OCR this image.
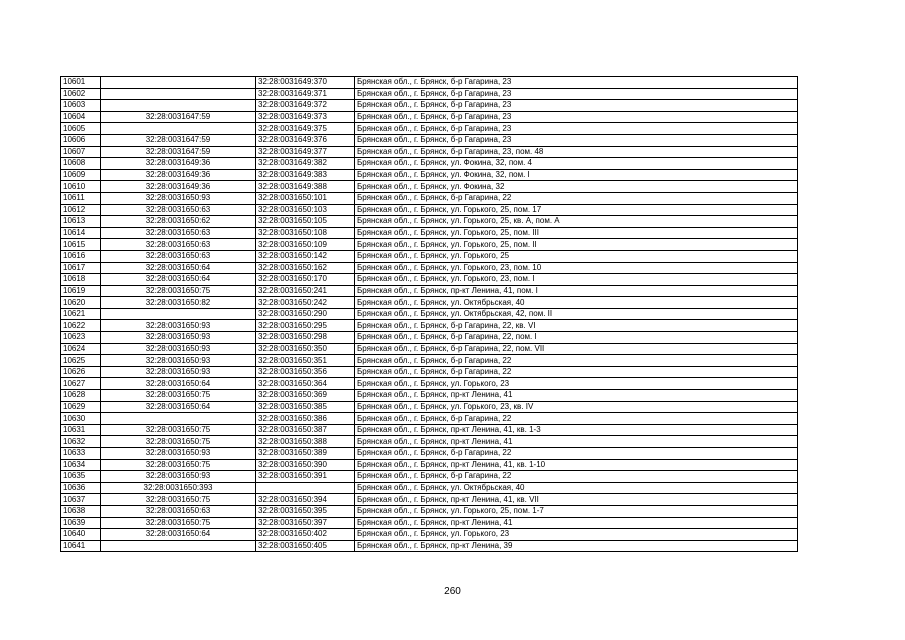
10601		32:28:0031649:370	Брянская обл., г. Брянск, б-р Гагарина, 23
10602		32:28:0031649:371	Брянская обл., г. Брянск, б-р Гагарина, 23
10603		32:28:0031649:372	Брянская обл., г. Брянск, б-р Гагарина, 23
10604	32:28:0031647:59	32:28:0031649:373	Брянская обл., г. Брянск, б-р Гагарина, 23
10605		32:28:0031649:375	Брянская обл., г. Брянск, б-р Гагарина, 23
10606	32:28:0031647:59	32:28:0031649:376	Брянская обл., г. Брянск, б-р Гагарина, 23
10607	32:28:0031647:59	32:28:0031649:377	Брянская обл., г. Брянск, б-р Гагарина, 23, пом. 48
10608	32:28:0031649:36	32:28:0031649:382	Брянская обл., г. Брянск, ул. Фокина, 32, пом. 4
10609	32:28:0031649:36	32:28:0031649:383	Брянская обл., г. Брянск, ул. Фокина, 32, пом. I
10610	32:28:0031649:36	32:28:0031649:388	Брянская обл., г. Брянск, ул. Фокина, 32
10611	32:28:0031650:93	32:28:0031650:101	Брянская обл., г. Брянск, б-р Гагарина, 22
10612	32:28:0031650:63	32:28:0031650:103	Брянская обл., г. Брянск, ул. Горького, 25, пом. 17
10613	32:28:0031650:62	32:28:0031650:105	Брянская обл., г. Брянск, ул. Горького, 25, кв. А, пом. А
10614	32:28:0031650:63	32:28:0031650:108	Брянская обл., г. Брянск, ул. Горького, 25, пом. III
10615	32:28:0031650:63	32:28:0031650:109	Брянская обл., г. Брянск, ул. Горького, 25, пом. II
10616	32:28:0031650:63	32:28:0031650:142	Брянская обл., г. Брянск, ул. Горького, 25
10617	32:28:0031650:64	32:28:0031650:162	Брянская обл., г. Брянск, ул. Горького, 23, пом. 10
10618	32:28:0031650:64	32:28:0031650:170	Брянская обл., г. Брянск, ул. Горького, 23, пом. I
10619	32:28:0031650:75	32:28:0031650:241	Брянская обл., г. Брянск, пр-кт Ленина, 41, пом. I
10620	32:28:0031650:82	32:28:0031650:242	Брянская обл., г. Брянск, ул. Октябрьская, 40
10621		32:28:0031650:290	Брянская обл., г. Брянск, ул. Октябрьская, 42, пом. II
10622	32:28:0031650:93	32:28:0031650:295	Брянская обл., г. Брянск, б-р Гагарина, 22, кв. VI
10623	32:28:0031650:93	32:28:0031650:298	Брянская обл., г. Брянск, б-р Гагарина, 22, пом. I
10624	32:28:0031650:93	32:28:0031650:350	Брянская обл., г. Брянск, б-р Гагарина, 22, пом. VII
10625	32:28:0031650:93	32:28:0031650:351	Брянская обл., г. Брянск, б-р Гагарина, 22
10626	32:28:0031650:93	32:28:0031650:356	Брянская обл., г. Брянск, б-р Гагарина, 22
10627	32:28:0031650:64	32:28:0031650:364	Брянская обл., г. Брянск, ул. Горького, 23
10628	32:28:0031650:75	32:28:0031650:369	Брянская обл., г. Брянск, пр-кт Ленина, 41
10629	32:28:0031650:64	32:28:0031650:385	Брянская обл., г. Брянск, ул. Горького, 23, кв. IV
10630		32:28:0031650:386	Брянская обл., г. Брянск, б-р Гагарина, 22
10631	32:28:0031650:75	32:28:0031650:387	Брянская обл., г. Брянск, пр-кт Ленина, 41, кв. 1-3
10632	32:28:0031650:75	32:28:0031650:388	Брянская обл., г. Брянск, пр-кт Ленина, 41
10633	32:28:0031650:93	32:28:0031650:389	Брянская обл., г. Брянск, б-р Гагарина, 22
10634	32:28:0031650:75	32:28:0031650:390	Брянская обл., г. Брянск, пр-кт Ленина, 41, кв. 1-10
10635	32:28:0031650:93	32:28:0031650:391	Брянская обл., г. Брянск, б-р Гагарина, 22
10636	32:28:0031650:393		Брянская обл., г. Брянск, ул. Октябрьская, 40
10637	32:28:0031650:75	32:28:0031650:394	Брянская обл., г. Брянск, пр-кт Ленина, 41, кв. VII
10638	32:28:0031650:63	32:28:0031650:395	Брянская обл., г. Брянск, ул. Горького, 25, пом. 1-7
10639	32:28:0031650:75	32:28:0031650:397	Брянская обл., г. Брянск, пр-кт Ленина, 41
10640	32:28:0031650:64	32:28:0031650:402	Брянская обл., г. Брянск, ул. Горького, 23
10641		32:28:0031650:405	Брянская обл., г. Брянск, пр-кт Ленина, 39
260
